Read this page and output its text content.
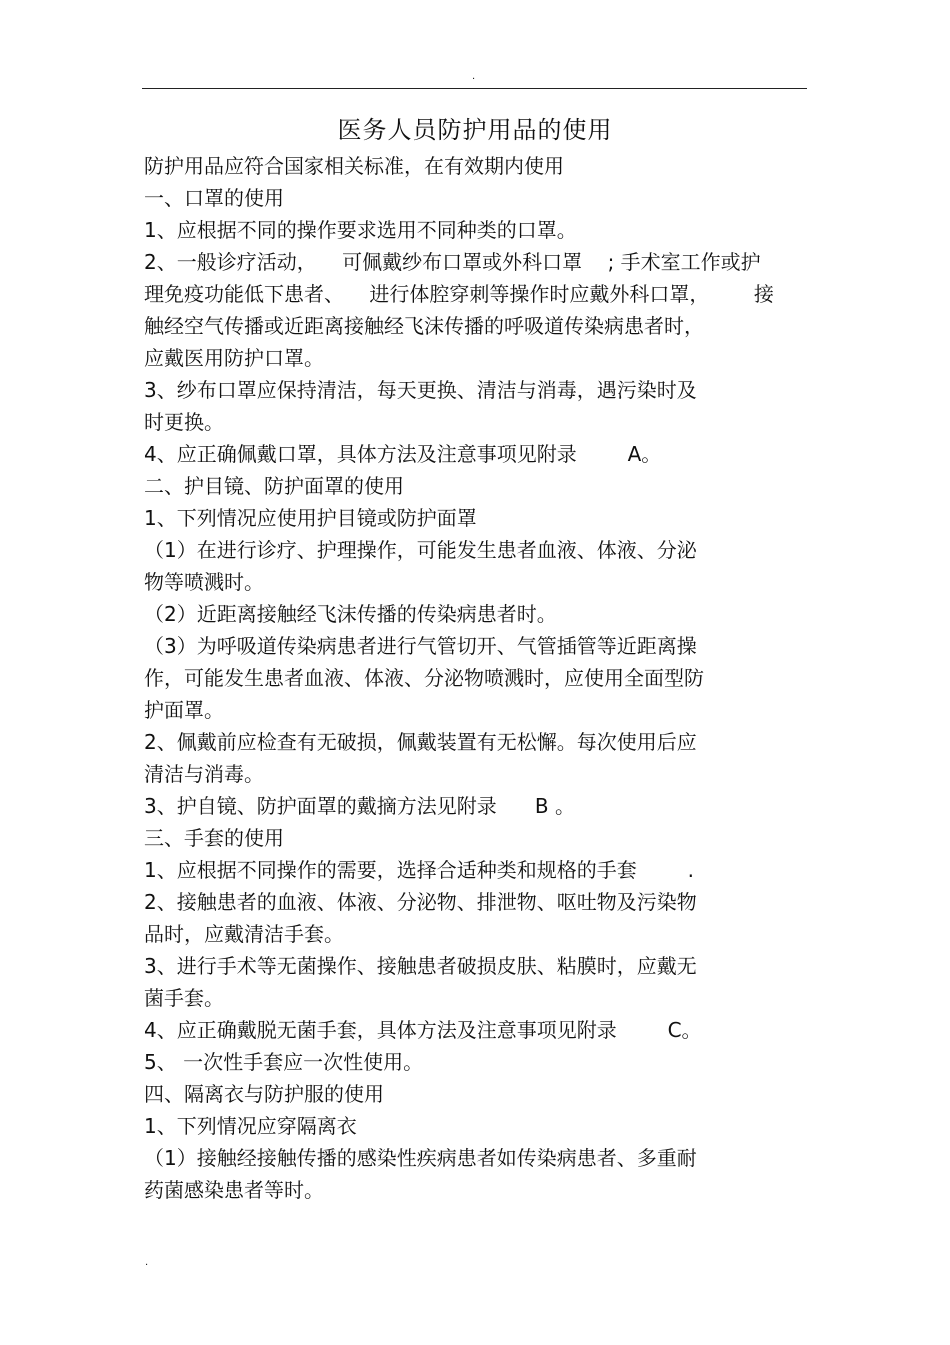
.
医务人员防护用品的使用
防护用品应符合国家相关标准，在有效期内使用
一、口罩的使用
1、应根据不同的操作要求选用不同种类的口罩。
2、一般诊疗活动，    可佩戴纱布口罩或外科口罩    ; 手术室工作或护
理免疫功能低下患者、    进行体腔穿刺等操作时应戴外科口罩，       接
触经空气传播或近距离接触经飞沫传播的呼吸道传染病患者时，
应戴医用防护口罩。
3、纱布口罩应保持清洁，每天更换、清洁与消毒，遇污染时及
时更换。
4、应正确佩戴口罩，具体方法及注意事项见附录        A。
二、护目镜、防护面罩的使用
1、下列情况应使用护目镜或防护面罩
（1）在进行诊疗、护理操作，可能发生患者血液、体液、分泌
物等喷溅时。
（2）近距离接触经飞沫传播的传染病患者时。
（3）为呼吸道传染病患者进行气管切开、气管插管等近距离操
作，可能发生患者血液、体液、分泌物喷溅时，应使用全面型防
护面罩。
2、佩戴前应检查有无破损，佩戴装置有无松懈。每次使用后应
清洁与消毒。
3、护自镜、防护面罩的戴摘方法见附录      B 。
三、手套的使用
1、应根据不同操作的需要，选择合适种类和规格的手套        .
2、接触患者的血液、体液、分泌物、排泄物、呕吐物及污染物
品时，应戴清洁手套。
3、进行手术等无菌操作、接触患者破损皮肤、粘膜时，应戴无
菌手套。
4、应正确戴脱无菌手套，具体方法及注意事项见附录        C。
5、 一次性手套应一次性使用。
四、隔离衣与防护服的使用
1、下列情况应穿隔离衣
（1）接触经接触传播的感染性疾病患者如传染病患者、多重耐
药菌感染患者等时。
.
